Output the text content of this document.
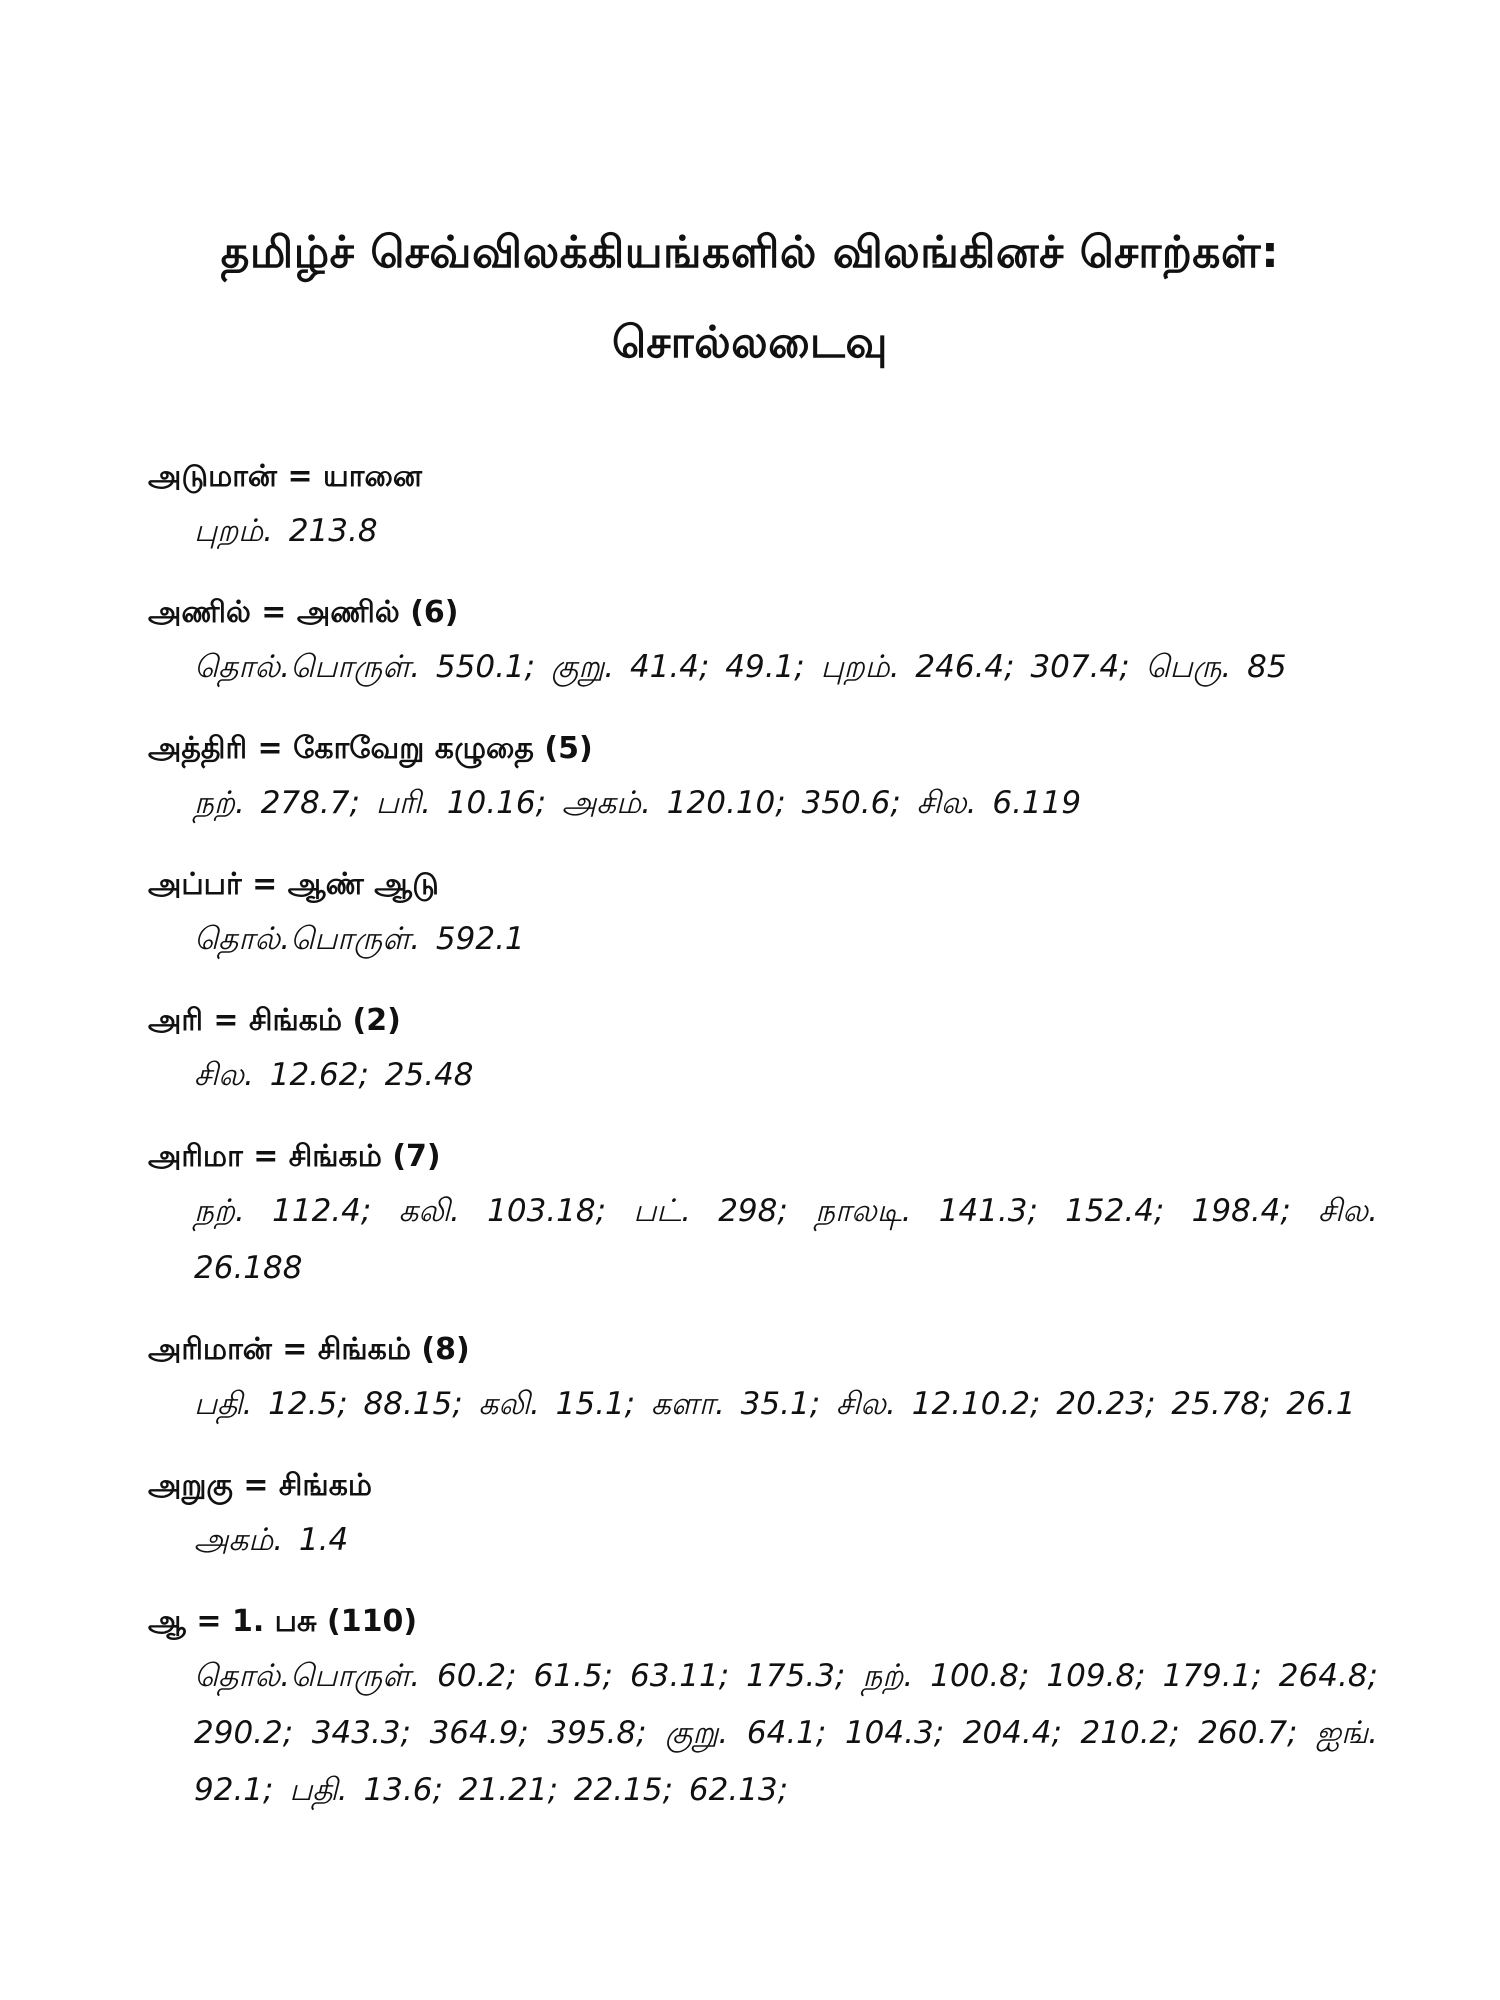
தமிழ்ச் செவ்விலக்கியங்களில் விலங்கினச் சொற்கள்:
சொல்லடைவு
அடுமான் = யானை
புறம். 213.8
அணில் = அணில் (6)
தொல்.பொருள். 550.1; குறு. 41.4; 49.1; புறம். 246.4; 307.4; பெரு. 85
அத்திரி = கோவேறு கழுதை (5)
நற். 278.7; பரி. 10.16; அகம். 120.10; 350.6; சில. 6.119
அப்பர் = ஆண் ஆடு
தொல்.பொருள். 592.1
அரி = சிங்கம் (2)
சில. 12.62; 25.48
அரிமா = சிங்கம் (7)
நற். 112.4; கலி. 103.18; பட். 298; நாலடி. 141.3; 152.4; 198.4; சில. 26.188
அரிமான் = சிங்கம் (8)
பதி. 12.5; 88.15; கலி. 15.1; களா. 35.1; சில. 12.10.2; 20.23; 25.78; 26.1
அறுகு = சிங்கம்
அகம். 1.4
ஆ = 1. பசு (110)
தொல்.பொருள். 60.2; 61.5; 63.11; 175.3; நற். 100.8; 109.8; 179.1; 264.8; 290.2; 343.3; 364.9; 395.8; குறு. 64.1; 104.3; 204.4; 210.2; 260.7; ஐங். 92.1; பதி. 13.6; 21.21; 22.15; 62.13;
